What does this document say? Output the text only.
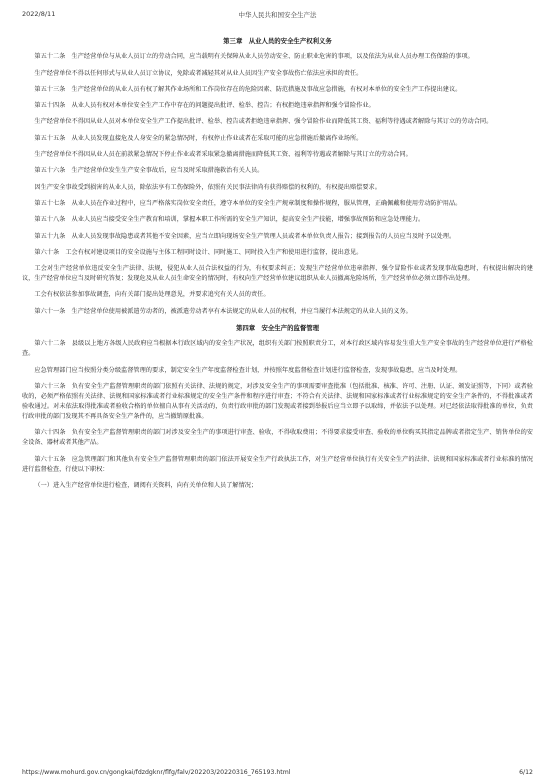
2022/8/11	中华人民共和国安全生产法
第三章　从业人员的安全生产权利义务

第五十二条　生产经营单位与从业人员订立的劳动合同，应当载明有关保障从业人员劳动安全、防止职业危害的事项，以及依法为从业人员办理工伤保险的事项。

生产经营单位不得以任何形式与从业人员订立协议，免除或者减轻其对从业人员因生产安全事故伤亡依法应承担的责任。

第五十三条　生产经营单位的从业人员有权了解其作业场所和工作岗位存在的危险因素、防范措施及事故应急措施，有权对本单位的安全生产工作提出建议。

第五十四条　从业人员有权对本单位安全生产工作中存在的问题提出批评、检举、控告；有权拒绝违章指挥和强令冒险作业。

生产经营单位不得因从业人员对本单位安全生产工作提出批评、检举、控告或者拒绝违章指挥、强令冒险作业而降低其工资、福利等待遇或者解除与其订立的劳动合同。

第五十五条　从业人员发现直接危及人身安全的紧急情况时，有权停止作业或者在采取可能的应急措施后撤离作业场所。

生产经营单位不得因从业人员在前款紧急情况下停止作业或者采取紧急撤离措施而降低其工资、福利等待遇或者解除与其订立的劳动合同。

第五十六条　生产经营单位发生生产安全事故后，应当及时采取措施救治有关人员。

因生产安全事故受到损害的从业人员，除依法享有工伤保险外，依照有关民事法律尚有获得赔偿的权利的，有权提出赔偿要求。

第五十七条　从业人员在作业过程中，应当严格落实岗位安全责任，遵守本单位的安全生产规章制度和操作规程，服从管理，正确佩戴和使用劳动防护用品。

第五十八条　从业人员应当接受安全生产教育和培训，掌握本职工作所需的安全生产知识，提高安全生产技能，增强事故预防和应急处理能力。

第五十九条　从业人员发现事故隐患或者其他不安全因素，应当立即向现场安全生产管理人员或者本单位负责人报告；接到报告的人员应当及时予以处理。

第六十条　工会有权对建设项目的安全设施与主体工程同时设计、同时施工、同时投入生产和使用进行监督，提出意见。

工会对生产经营单位违反安全生产法律、法规，侵犯从业人员合法权益的行为，有权要求纠正；发现生产经营单位违章指挥、强令冒险作业或者发现事故隐患时，有权提出解决的建议，生产经营单位应当及时研究答复；发现危及从业人员生命安全的情况时，有权向生产经营单位建议组织从业人员撤离危险场所，生产经营单位必须立即作出处理。

工会有权依法参加事故调查，向有关部门提出处理意见，并要求追究有关人员的责任。

第六十一条　生产经营单位使用被派遣劳动者的，被派遣劳动者享有本法规定的从业人员的权利，并应当履行本法规定的从业人员的义务。

第四章　安全生产的监督管理

第六十二条　县级以上地方各级人民政府应当根据本行政区域内的安全生产状况，组织有关部门按照职责分工，对本行政区域内容易发生重大生产安全事故的生产经营单位进行严格检查。

应急管理部门应当按照分类分级监督管理的要求，制定安全生产年度监督检查计划，并按照年度监督检查计划进行监督检查，发现事故隐患，应当及时处理。

第六十三条　负有安全生产监督管理职责的部门依照有关法律、法规的规定，对涉及安全生产的事项需要审查批准（包括批准、核准、许可、注册、认证、颁发证照等，下同）或者验收的，必须严格依照有关法律、法规和国家标准或者行业标准规定的安全生产条件和程序进行审查；不符合有关法律、法规和国家标准或者行业标准规定的安全生产条件的，不得批准或者验收通过。对未依法取得批准或者验收合格的单位擅自从事有关活动的，负责行政审批的部门发现或者接到举报后应当立即予以取缔，并依法予以处理。对已经依法取得批准的单位，负责行政审批的部门发现其不再具备安全生产条件的，应当撤销原批准。

第六十四条　负有安全生产监督管理职责的部门对涉及安全生产的事项进行审查、验收，不得收取费用；不得要求接受审查、验收的单位购买其指定品牌或者指定生产、销售单位的安全设备、器材或者其他产品。

第六十五条　应急管理部门和其他负有安全生产监督管理职责的部门依法开展安全生产行政执法工作，对生产经营单位执行有关安全生产的法律、法规和国家标准或者行业标准的情况进行监督检查，行使以下职权：

（一）进入生产经营单位进行检查，调阅有关资料，向有关单位和人员了解情况；

https://www.mohurd.gov.cn/gongkai/fdzdgknr/flfg/falv/202203/20220316_765193.html	6/12
